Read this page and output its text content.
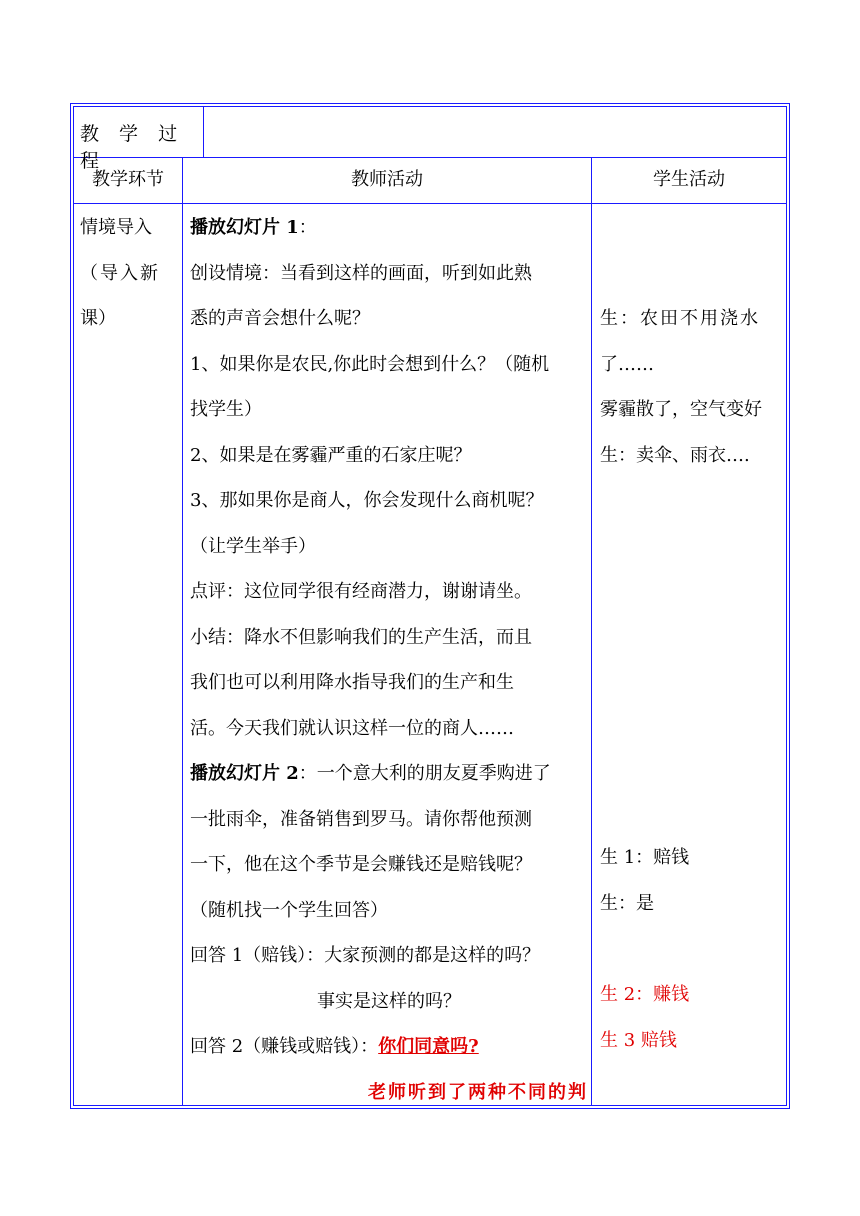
教 学 过 程
教学环节	教师活动	学生活动
情境导入
（导入新
课）
播放幻灯片 1：
创设情境：当看到这样的画面，听到如此熟
悉的声音会想什么呢？
1、如果你是农民,你此时会想到什么？（随机
找学生）
2、如果是在雾霾严重的石家庄呢？
3、那如果你是商人，你会发现什么商机呢？
（让学生举手）
点评：这位同学很有经商潜力，谢谢请坐。
小结：降水不但影响我们的生产生活，而且
我们也可以利用降水指导我们的生产和生
活。今天我们就认识这样一位的商人……
播放幻灯片 2：一个意大利的朋友夏季购进了
一批雨伞，准备销售到罗马。请你帮他预测
一下，他在这个季节是会赚钱还是赔钱呢？
（随机找一个学生回答）
回答 1（赔钱）：大家预测的都是这样的吗？
事实是这样的吗？
回答 2（赚钱或赔钱）：你们同意吗?
老师听到了两种不同的判
生：农田不用浇水
了……
雾霾散了，空气变好
生：卖伞、雨衣….
生 1：赔钱
生：是
生 2：赚钱
生 3 赔钱
